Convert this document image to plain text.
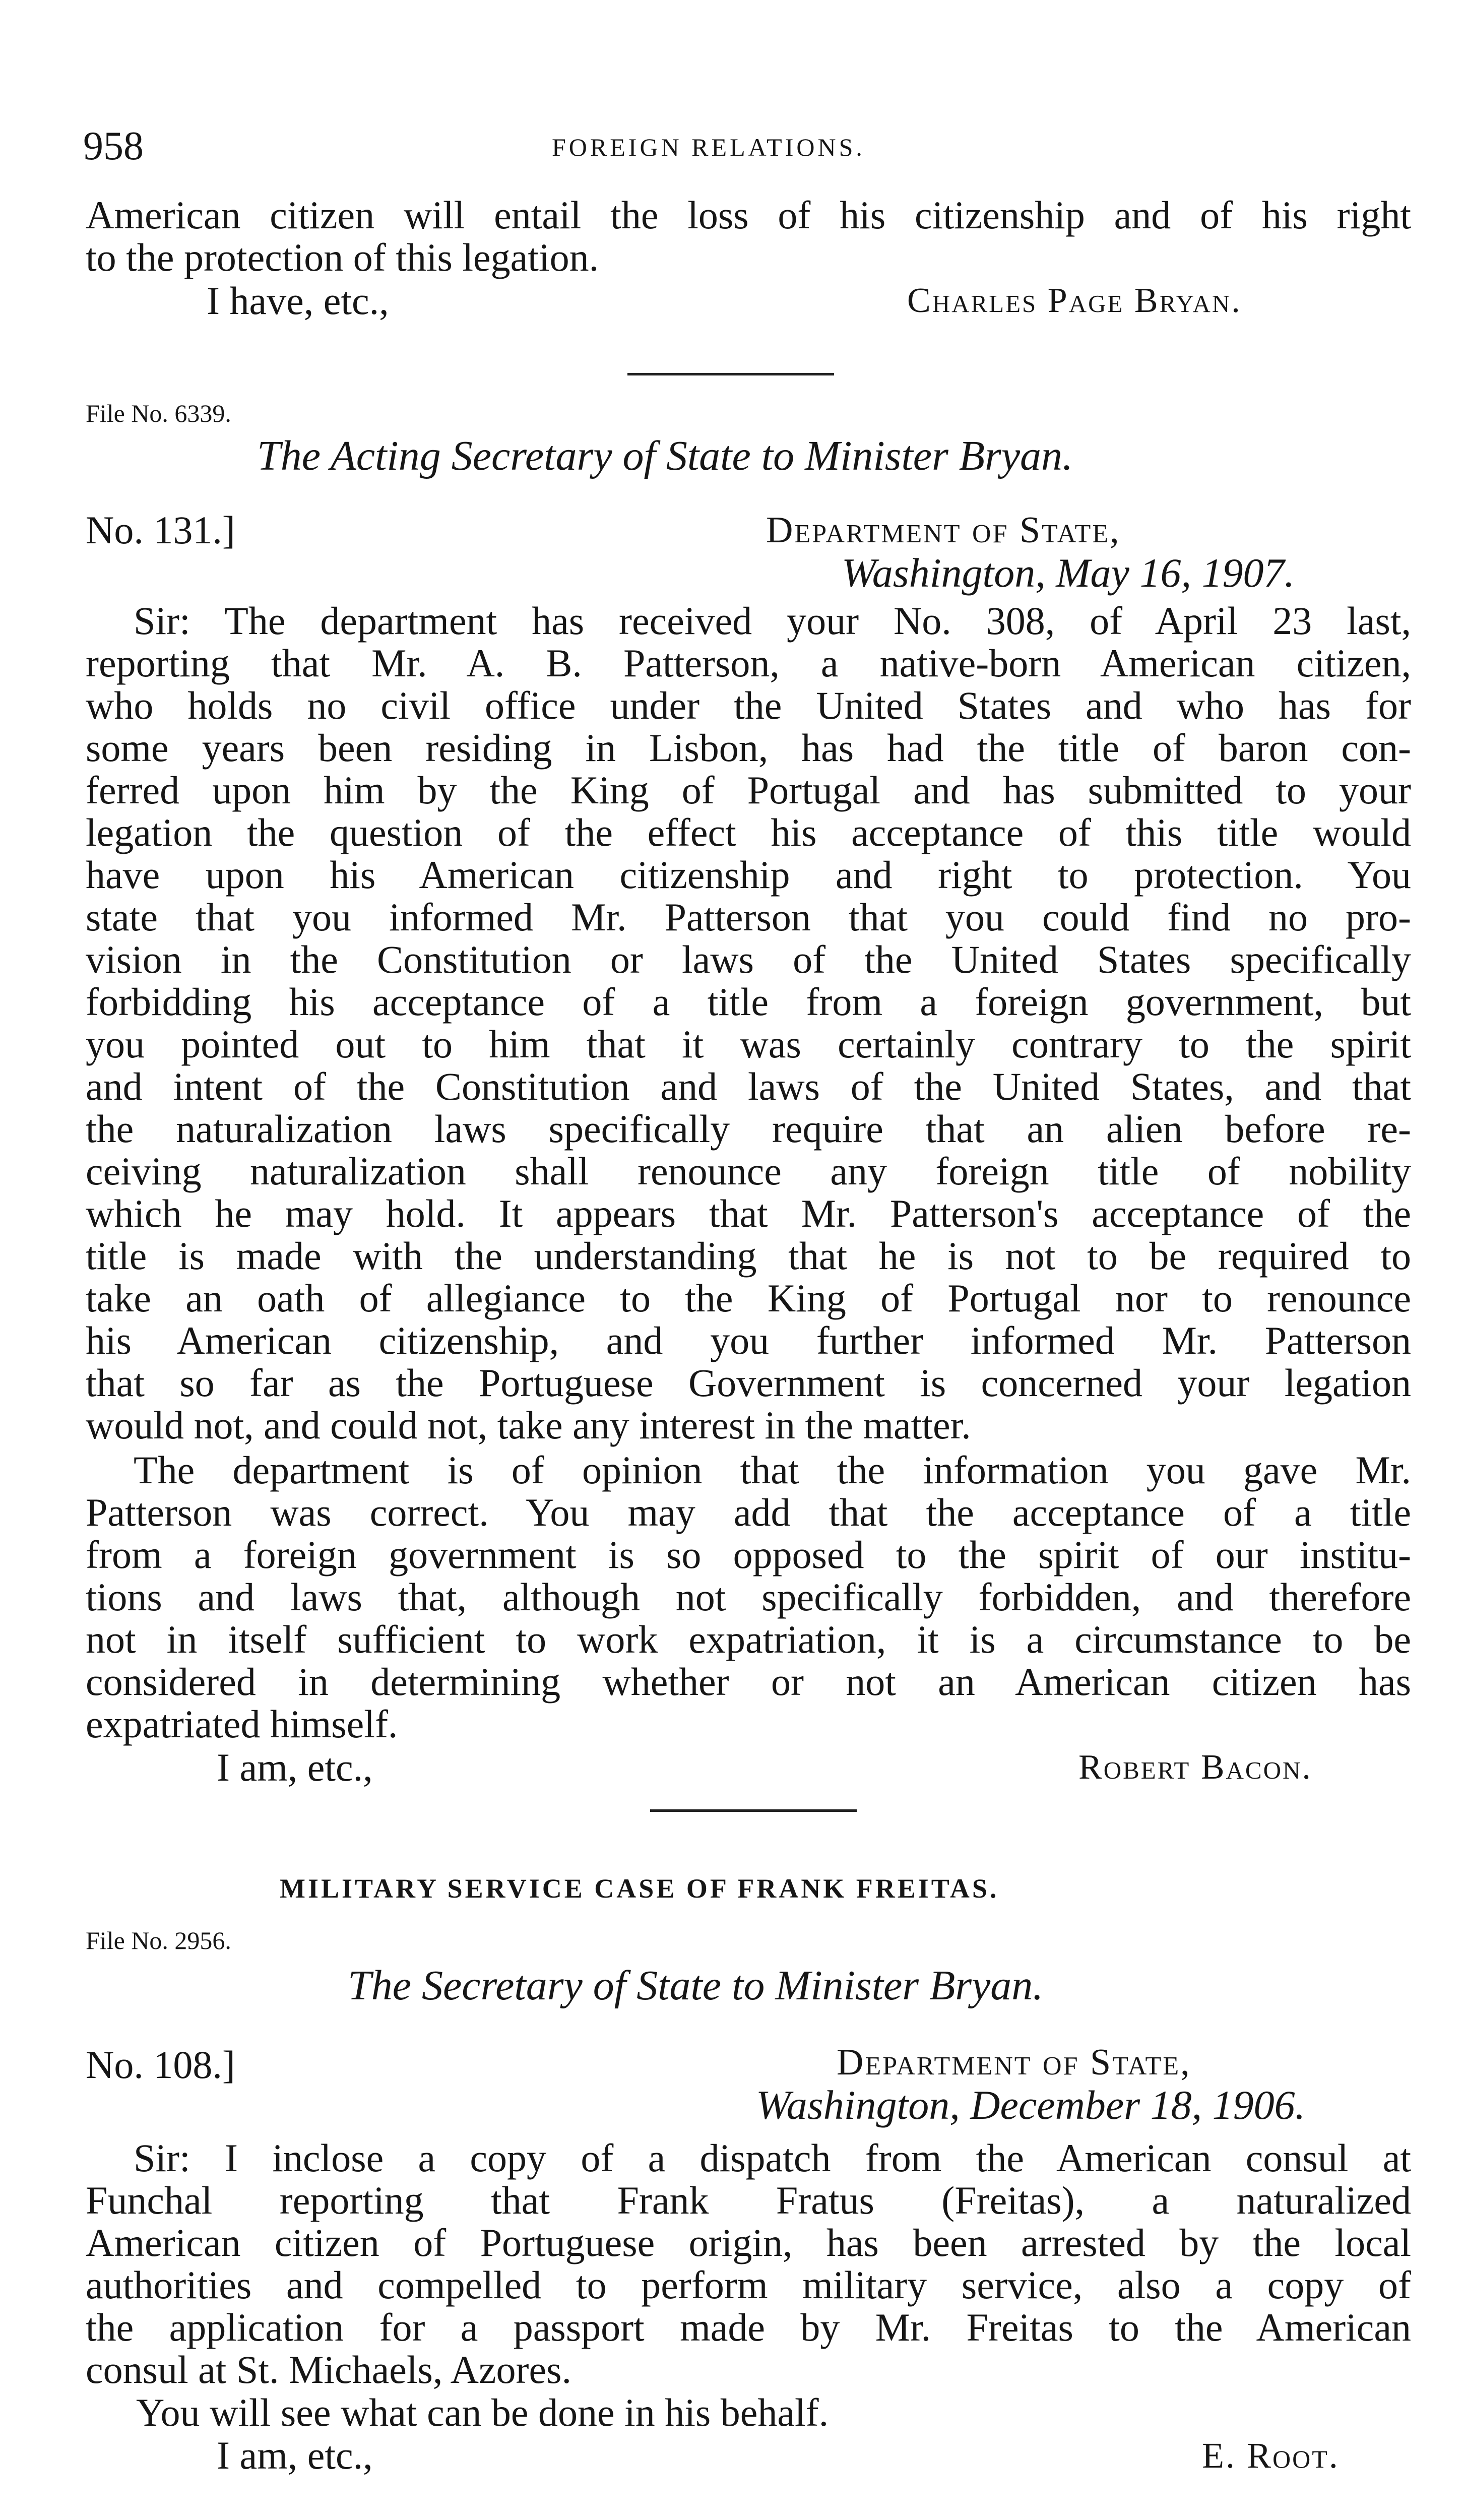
958	FOREIGN RELATIONS.
American citizen will entail the loss of his citizenship and of his right
to the protection of this legation.
I have, etc.,	Charles Page Bryan.
File No. 6339.
The Acting Secretary of State to Minister Bryan.
No. 131.]	Department of State,
Washington, May 16, 1907.
Sir: The department has received your No. 308, of April 23 last,
reporting that Mr. A. B. Patterson, a native-born American citizen,
who holds no civil office under the United States and who has for
some years been residing in Lisbon, has had the title of baron con-
ferred upon him by the King of Portugal and has submitted to your
legation the question of the effect his acceptance of this title would
have upon his American citizenship and right to protection. You
state that you informed Mr. Patterson that you could find no pro-
vision in the Constitution or laws of the United States specifically
forbidding his acceptance of a title from a foreign government, but
you pointed out to him that it was certainly contrary to the spirit
and intent of the Constitution and laws of the United States, and that
the naturalization laws specifically require that an alien before re-
ceiving naturalization shall renounce any foreign title of nobility
which he may hold. It appears that Mr. Patterson's acceptance of the
title is made with the understanding that he is not to be required to
take an oath of allegiance to the King of Portugal nor to renounce
his American citizenship, and you further informed Mr. Patterson
that so far as the Portuguese Government is concerned your legation
would not, and could not, take any interest in the matter.
The department is of opinion that the information you gave Mr.
Patterson was correct. You may add that the acceptance of a title
from a foreign government is so opposed to the spirit of our institu-
tions and laws that, although not specifically forbidden, and therefore
not in itself sufficient to work expatriation, it is a circumstance to be
considered in determining whether or not an American citizen has
expatriated himself.
I am, etc.,	Robert Bacon.
MILITARY SERVICE CASE OF FRANK FREITAS.
File No. 2956.
The Secretary of State to Minister Bryan.
No. 108.]	Department of State,
Washington, December 18, 1906.
Sir: I inclose a copy of a dispatch from the American consul at
Funchal reporting that Frank Fratus (Freitas), a naturalized
American citizen of Portuguese origin, has been arrested by the local
authorities and compelled to perform military service, also a copy of
the application for a passport made by Mr. Freitas to the American
consul at St. Michaels, Azores.
You will see what can be done in his behalf.
I am, etc.,	E. Root.
